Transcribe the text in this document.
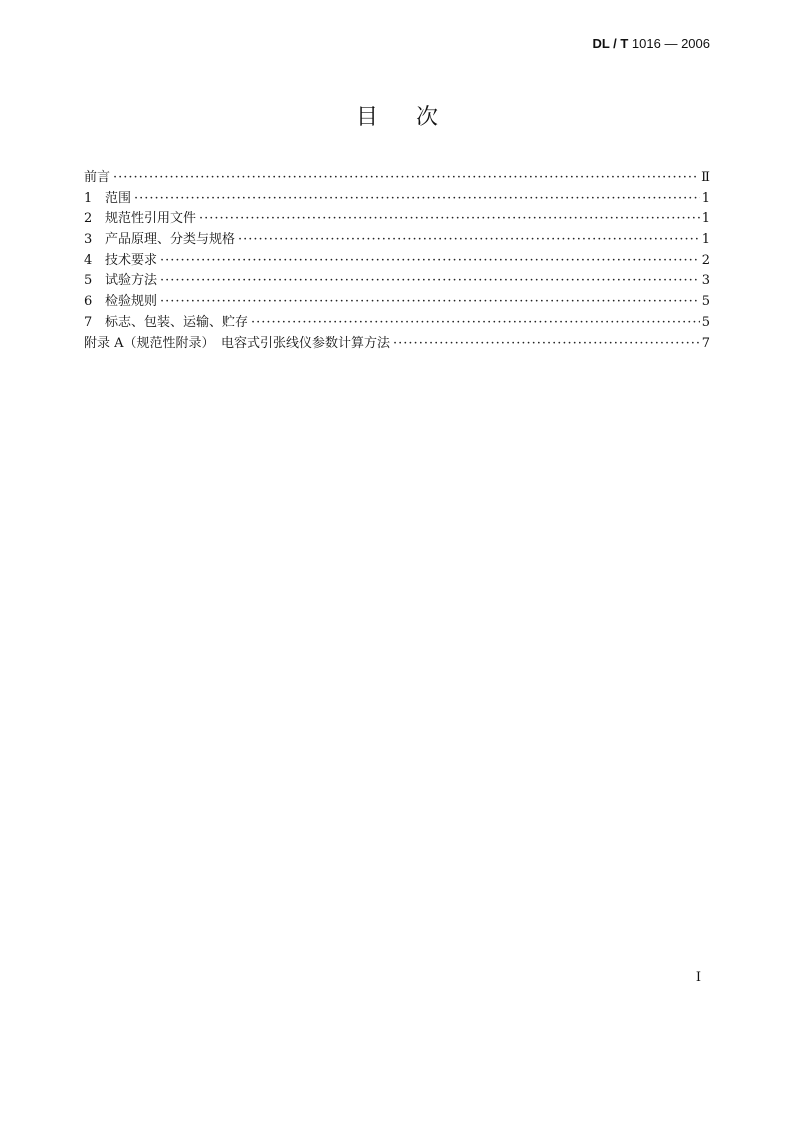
DL / T 1016 — 2006
目次
前言 ·····	Ⅱ
1 范围 ·····	1
2 规范性引用文件 ·····	1
3 产品原理、分类与规格 ·····	1
4 技术要求 ·····	2
5 试验方法 ·····	3
6 检验规则 ·····	5
7 标志、包装、运输、贮存 ·····	5
附录 A（规范性附录）　电容式引张线仪参数计算方法 ·····	7
I
